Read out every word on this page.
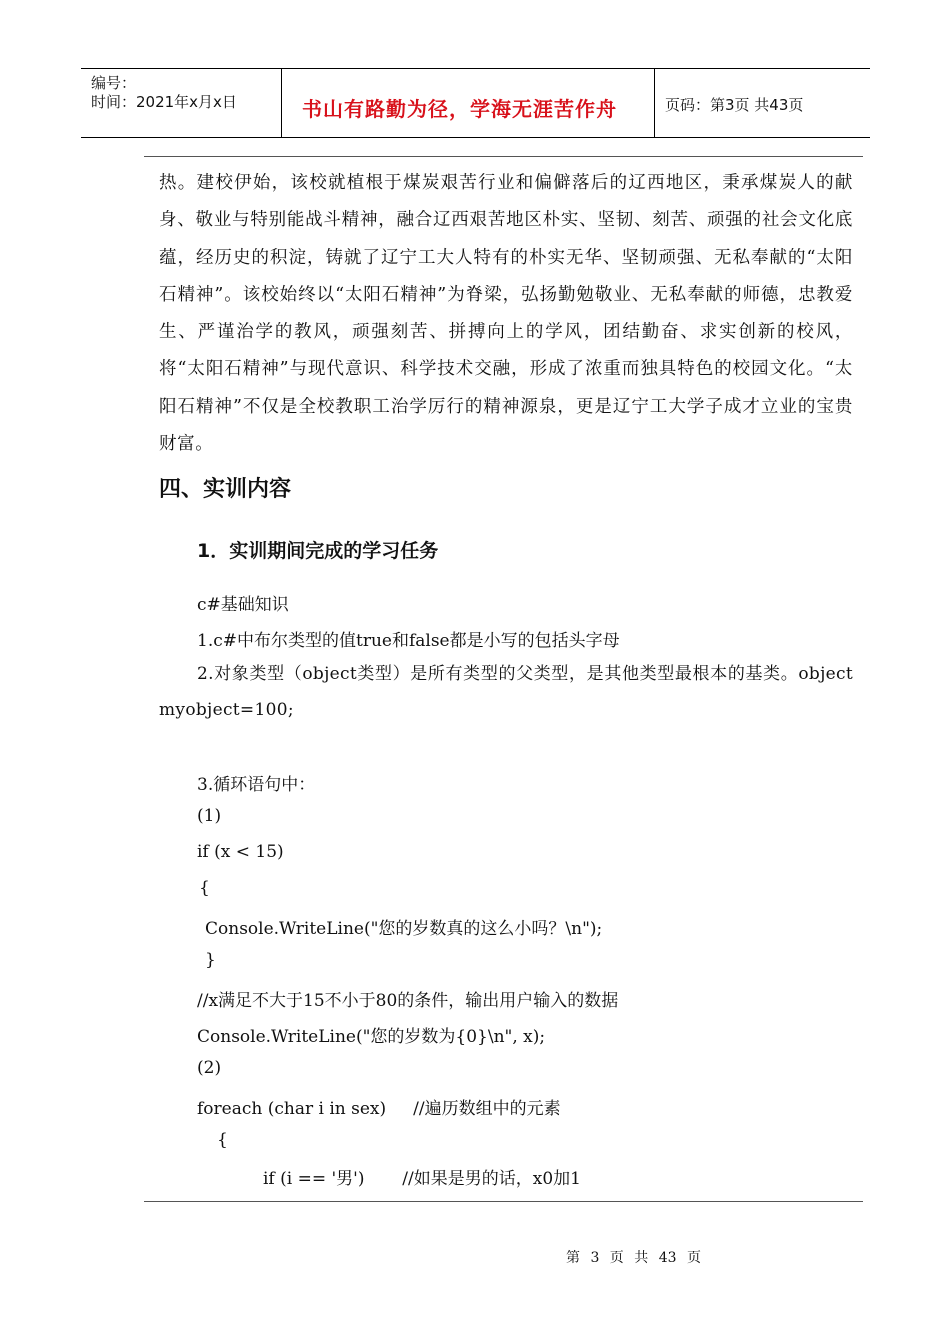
编号：
时间：2021年x月x日	书山有路勤为径，学海无涯苦作舟	页码：第3页 共43页
热。建校伊始，该校就植根于煤炭艰苦行业和偏僻落后的辽西地区，秉承煤炭人的献身、敬业与特别能战斗精神，融合辽西艰苦地区朴实、坚韧、刻苦、顽强的社会文化底蕴，经历史的积淀，铸就了辽宁工大人特有的朴实无华、坚韧顽强、无私奉献的“太阳石精神”。该校始终以“太阳石精神”为脊梁，弘扬勤勉敬业、无私奉献的师德，忠教爱生、严谨治学的教风，顽强刻苦、拼搏向上的学风，团结勤奋、求实创新的校风，将“太阳石精神”与现代意识、科学技术交融，形成了浓重而独具特色的校园文化。“太阳石精神”不仅是全校教职工治学厉行的精神源泉，更是辽宁工大学子成才立业的宝贵财富。
四、实训内容
1．实训期间完成的学习任务
c#基础知识
1.c#中布尔类型的值true和false都是小写的包括头字母
2.对象类型（object类型）是所有类型的父类型，是其他类型最根本的基类。object myobject=100;
3.循环语句中：
(1)
if (x < 15)
{
Console.WriteLine("您的岁数真的这么小吗？\n");
}
//x满足不大于15不小于80的条件，输出用户输入的数据
Console.WriteLine("您的岁数为{0}\n", x);
(2)
foreach (char i in sex)     //遍历数组中的元素
{
if (i == '男')       //如果是男的话，x0加1
第 3 页 共 43 页
